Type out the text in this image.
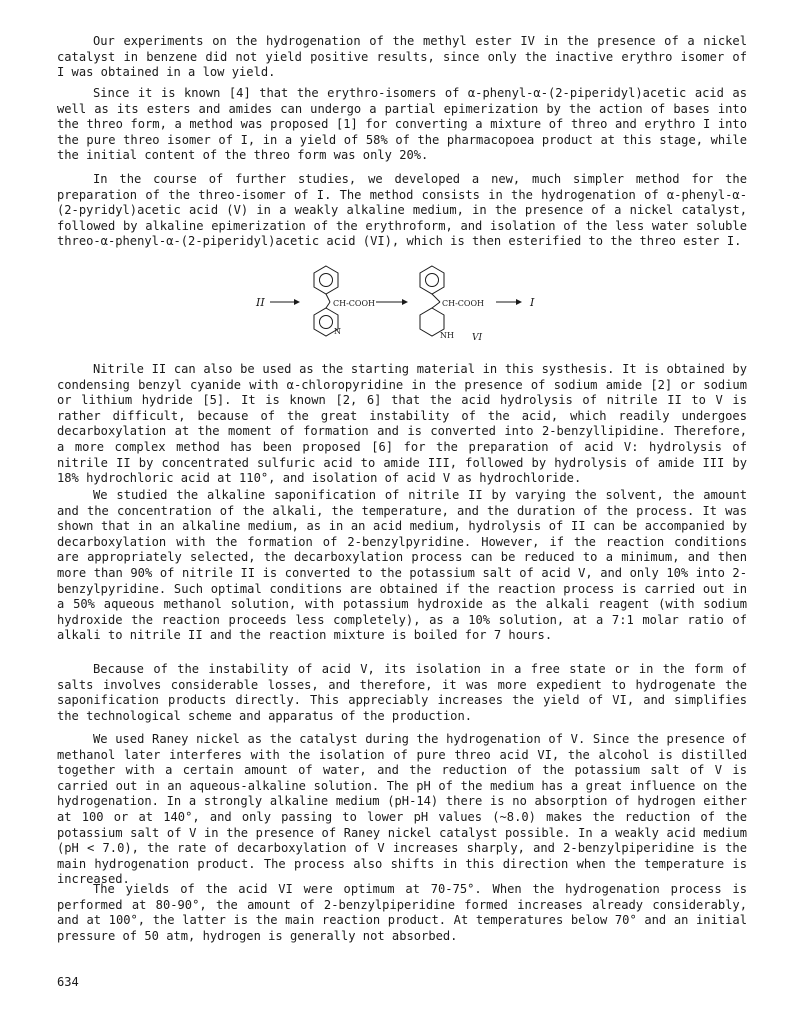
Our experiments on the hydrogenation of the methyl ester IV in the presence of a nickel catalyst in benzene did not yield positive results, since only the inactive erythro isomer of I was obtained in a low yield.

Since it is known [4] that the erythro-isomers of α-phenyl-α-(2-piperidyl)acetic acid as well as its esters and amides can undergo a partial epimerization by the action of bases into the threo form, a method was proposed [1] for converting a mixture of threo and erythro I into the pure threo isomer of I, in a yield of 58% of the pharmacopoea product at this stage, while the initial content of the threo form was only 20%.

In the course of further studies, we developed a new, much simpler method for the preparation of the threo-isomer of I. The method consists in the hydrogenation of α-phenyl-α-(2-pyridyl)acetic acid (V) in a weakly alkaline medium, in the presence of a nickel catalyst, followed by alkaline epimerization of the erythroform, and isolation of the less water soluble threo-α-phenyl-α-(2-piperidyl)acetic acid (VI), which is then esterified to the threo ester I.

II	CH-COOH
N
CH-COOH
NH VI
I

Nitrile II can also be used as the starting material in this systhesis. It is obtained by condensing benzyl cyanide with α-chloropyridine in the presence of sodium amide [2] or sodium or lithium hydride [5]. It is known [2, 6] that the acid hydrolysis of nitrile II to V is rather difficult, because of the great instability of the acid, which readily undergoes decarboxylation at the moment of formation and is converted into 2-benzyllipidine. Therefore, a more complex method has been proposed [6] for the preparation of acid V: hydrolysis of nitrile II by concentrated sulfuric acid to amide III, followed by hydrolysis of amide III by 18% hydrochloric acid at 110°, and isolation of acid V as hydrochloride.

We studied the alkaline saponification of nitrile II by varying the solvent, the amount and the concentration of the alkali, the temperature, and the duration of the process. It was shown that in an alkaline medium, as in an acid medium, hydrolysis of II can be accompanied by decarboxylation with the formation of 2-benzylpyridine. However, if the reaction conditions are appropriately selected, the decarboxylation process can be reduced to a minimum, and then more than 90% of nitrile II is converted to the potassium salt of acid V, and only 10% into 2-benzylpyridine. Such optimal conditions are obtained if the reaction process is carried out in a 50% aqueous methanol solution, with potassium hydroxide as the alkali reagent (with sodium hydroxide the reaction proceeds less completely), as a 10% solution, at a 7:1 molar ratio of alkali to nitrile II and the reaction mixture is boiled for 7 hours.

Because of the instability of acid V, its isolation in a free state or in the form of salts involves considerable losses, and therefore, it was more expedient to hydrogenate the saponification products directly. This appreciably increases the yield of VI, and simplifies the technological scheme and apparatus of the production.

We used Raney nickel as the catalyst during the hydrogenation of V. Since the presence of methanol later interferes with the isolation of pure threo acid VI, the alcohol is distilled together with a certain amount of water, and the reduction of the potassium salt of V is carried out in an aqueous-alkaline solution. The pH of the medium has a great influence on the hydrogenation. In a strongly alkaline medium (pH-14) there is no absorption of hydrogen either at 100 or at 140°, and only passing to lower pH values (~8.0) makes the reduction of the potassium salt of V in the presence of Raney nickel catalyst possible. In a weakly acid medium (pH < 7.0), the rate of decarboxylation of V increases sharply, and 2-benzylpiperidine is the main hydrogenation product. The process also shifts in this direction when the temperature is increased.

The yields of the acid VI were optimum at 70-75°. When the hydrogenation process is performed at 80-90°, the amount of 2-benzylpiperidine formed increases already considerably, and at 100°, the latter is the main reaction product. At temperatures below 70° and an initial pressure of 50 atm, hydrogen is generally not absorbed.

634
